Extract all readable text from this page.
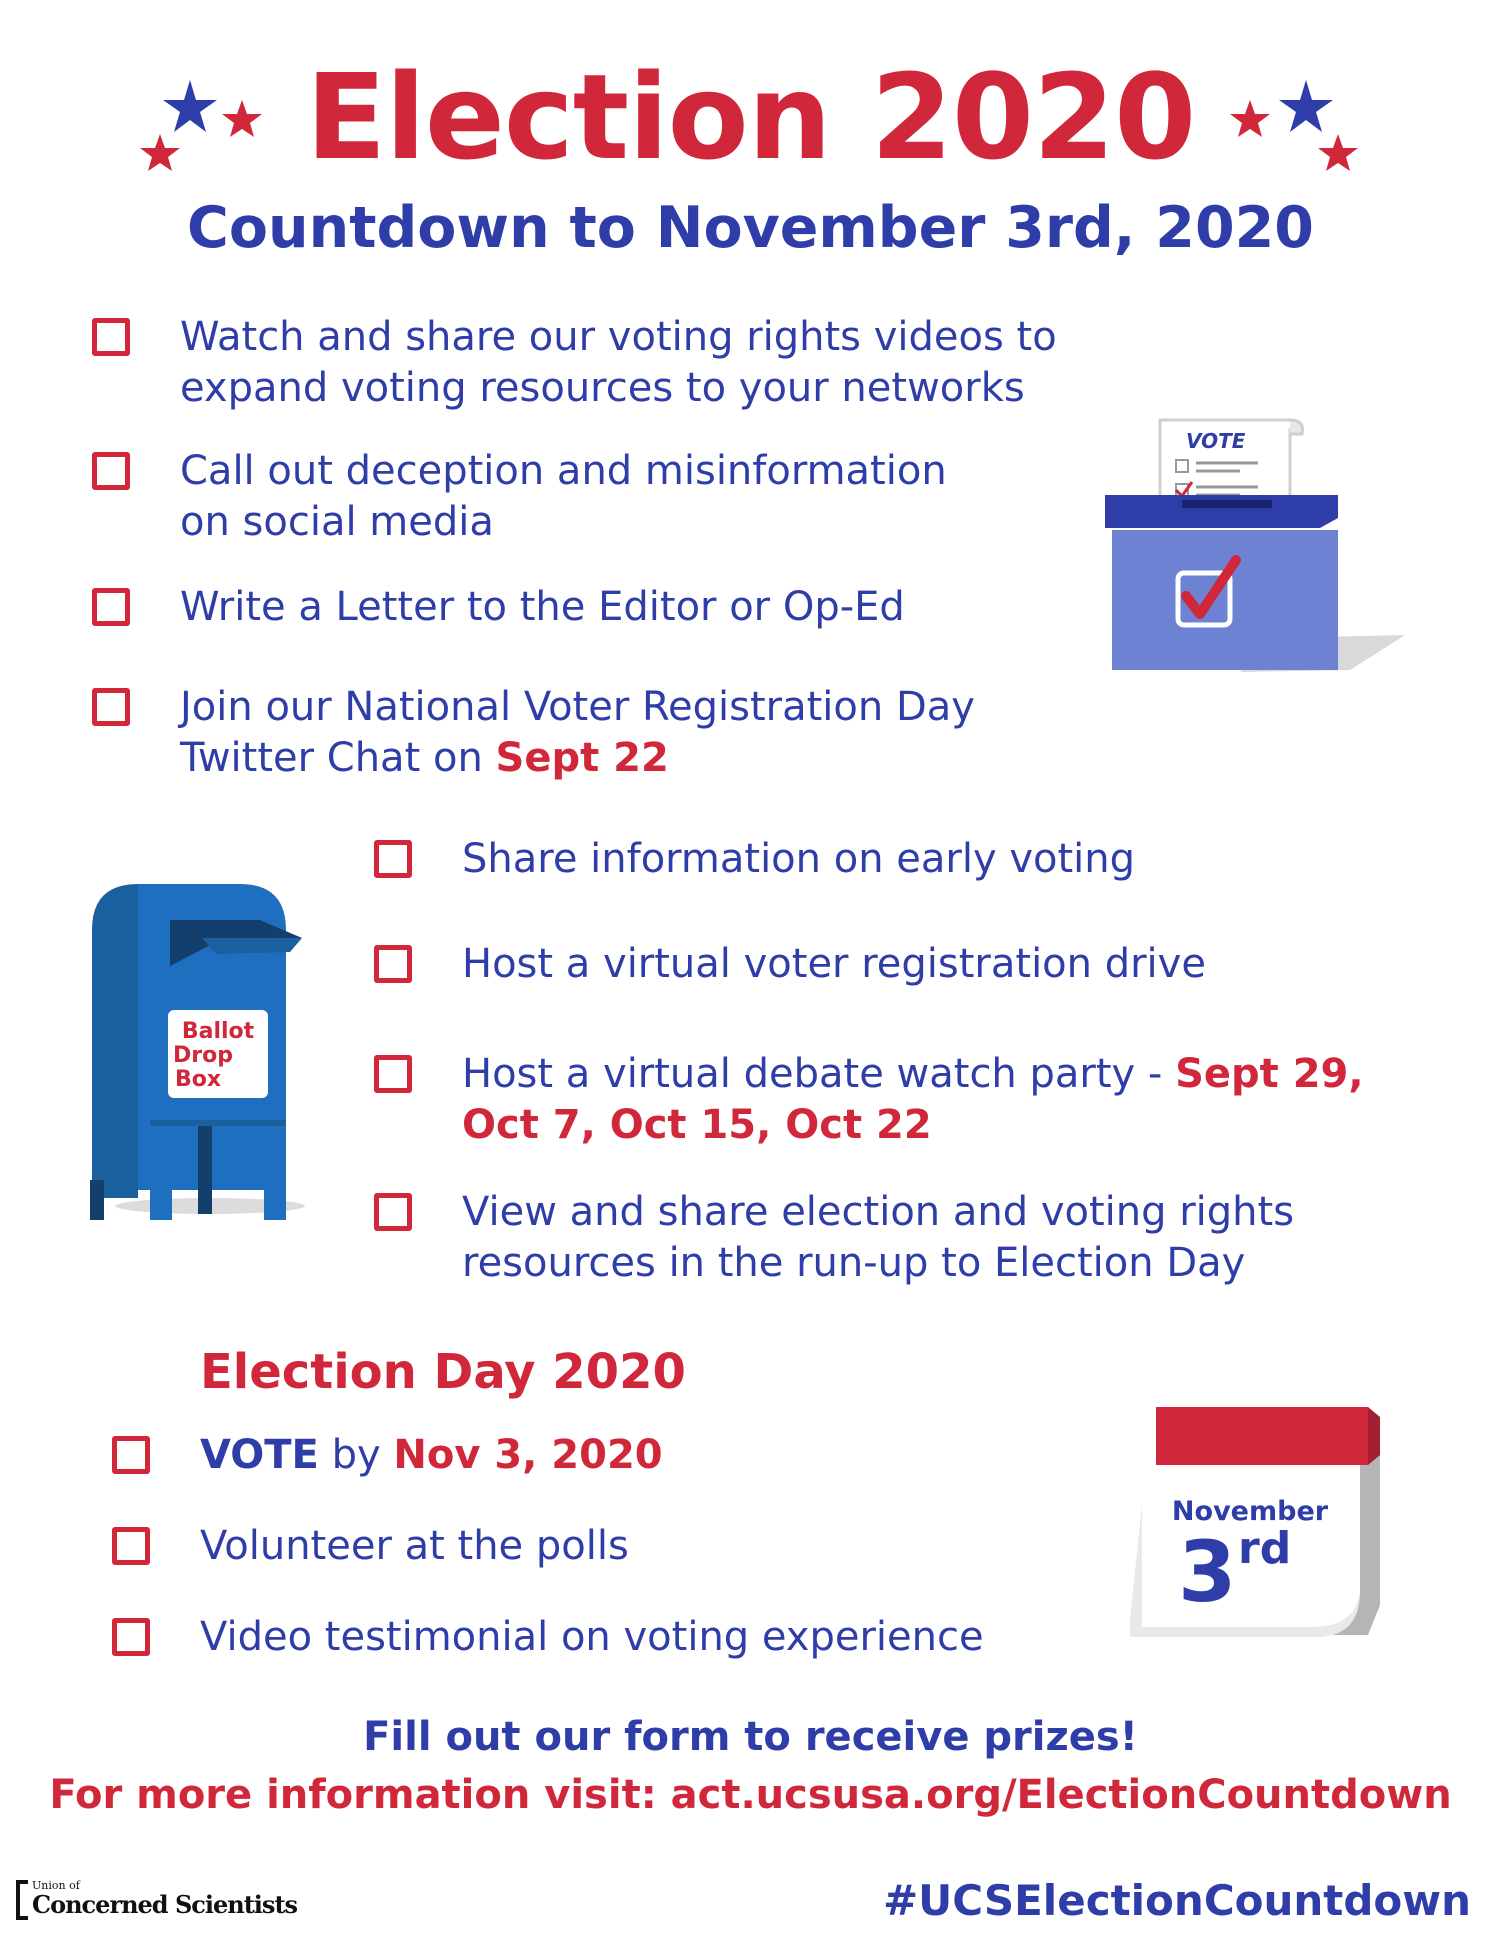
Election 2020
Countdown to November 3rd, 2020
Watch and share our voting rights videos to
expand voting resources to your networks
Call out deception and misinformation
on social media
Write a Letter to the Editor or Op-Ed
Join our National Voter Registration Day
Twitter Chat on Sept 22
VOTE
Ballot
Drop
Box
Share information on early voting
Host a virtual voter registration drive
Host a virtual debate watch party - Sept 29,
Oct 7, Oct 15, Oct 22
View and share election and voting rights
resources in the run-up to Election Day
Election Day 2020
VOTE by Nov 3, 2020
Volunteer at the polls
Video testimonial on voting experience
November
3 rd
Fill out our form to receive prizes!
For more information visit: act.ucsusa.org/ElectionCountdown
Union of
Concerned Scientists	#UCSElectionCountdown
